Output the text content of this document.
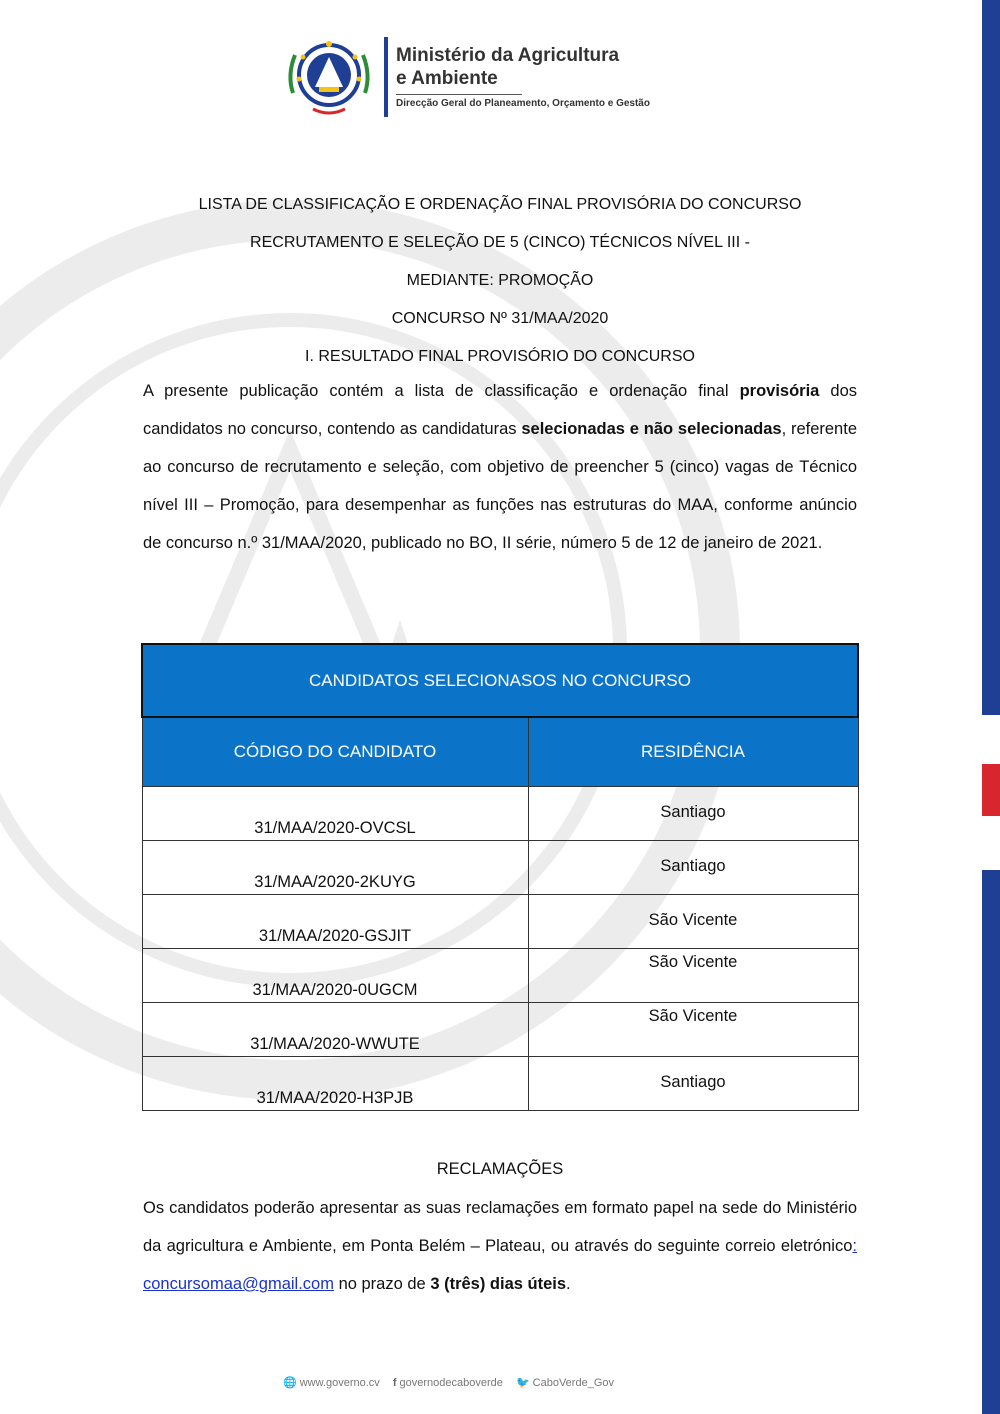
Ministério da Agricultura
e Ambiente
Direcção Geral do Planeamento, Orçamento e Gestão
LISTA DE CLASSIFICAÇÃO E ORDENAÇÃO FINAL PROVISÓRIA DO CONCURSO
RECRUTAMENTO E SELEÇÃO DE 5 (CINCO) TÉCNICOS NÍVEL III -
MEDIANTE: PROMOÇÃO
CONCURSO Nº 31/MAA/2020
I. RESULTADO FINAL PROVISÓRIO DO CONCURSO

A presente publicação contém a lista de classificação e ordenação final provisória dos candidatos no concurso, contendo as candidaturas selecionadas e não selecionadas, referente ao concurso de recrutamento e seleção, com objetivo de preencher 5 (cinco) vagas de Técnico nível III – Promoção, para desempenhar as funções nas estruturas do MAA, conforme anúncio de concurso n.º 31/MAA/2020, publicado no BO, II série, número 5 de 12 de janeiro de 2021.

CANDIDATOS SELECIONASOS NO CONCURSO	
CÓDIGO DO CANDIDATO	RESIDÊNCIA
31/MAA/2020-OVCSL	Santiago
31/MAA/2020-2KUYG	Santiago
31/MAA/2020-GSJIT	São Vicente
31/MAA/2020-0UGCM	São Vicente
31/MAA/2020-WWUTE	São Vicente
31/MAA/2020-H3PJB	Santiago
RECLAMAÇÕES

Os candidatos poderão apresentar as suas reclamações em formato papel na sede do Ministério da agricultura e Ambiente, em Ponta Belém – Plateau, ou através do seguinte correio eletrónico: concursomaa@gmail.com no prazo de 3 (três) dias úteis.

🌐 www.governo.cv f governodecaboverde 🐦 CaboVerde_Gov
